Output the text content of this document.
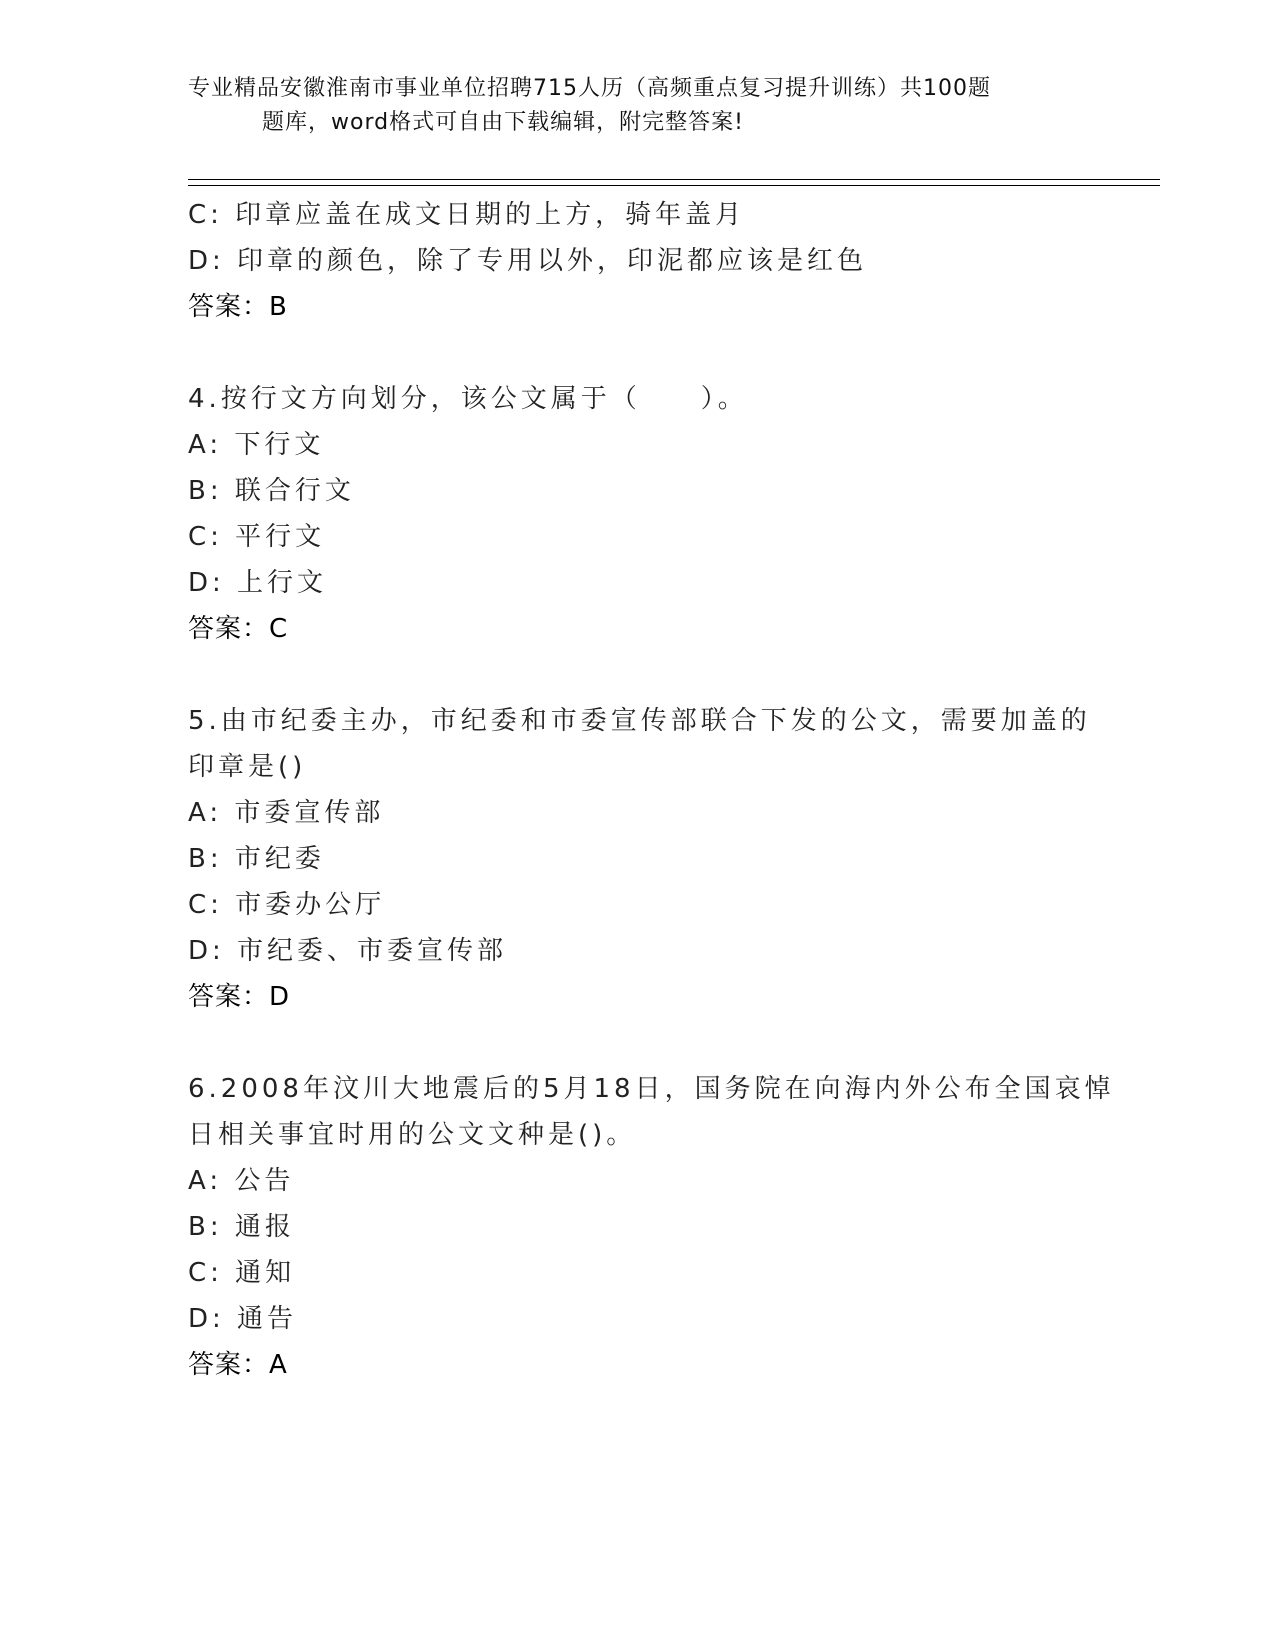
专业精品安徽淮南市事业单位招聘715人历（高频重点复习提升训练）共100题
题库，word格式可自由下载编辑，附完整答案!
C: 印章应盖在成文日期的上方，骑年盖月
D: 印章的颜色，除了专用以外，印泥都应该是红色
答案：B
4.按行文方向划分，该公文属于（　　）。
A: 下行文
B: 联合行文
C: 平行文
D: 上行文
答案：C
5.由市纪委主办，市纪委和市委宣传部联合下发的公文，需要加盖的
印章是()
A: 市委宣传部
B: 市纪委
C: 市委办公厅
D: 市纪委、市委宣传部
答案：D
6.2008年汶川大地震后的5月18日，国务院在向海内外公布全国哀悼
日相关事宜时用的公文文种是()。
A: 公告
B: 通报
C: 通知
D: 通告
答案：A
